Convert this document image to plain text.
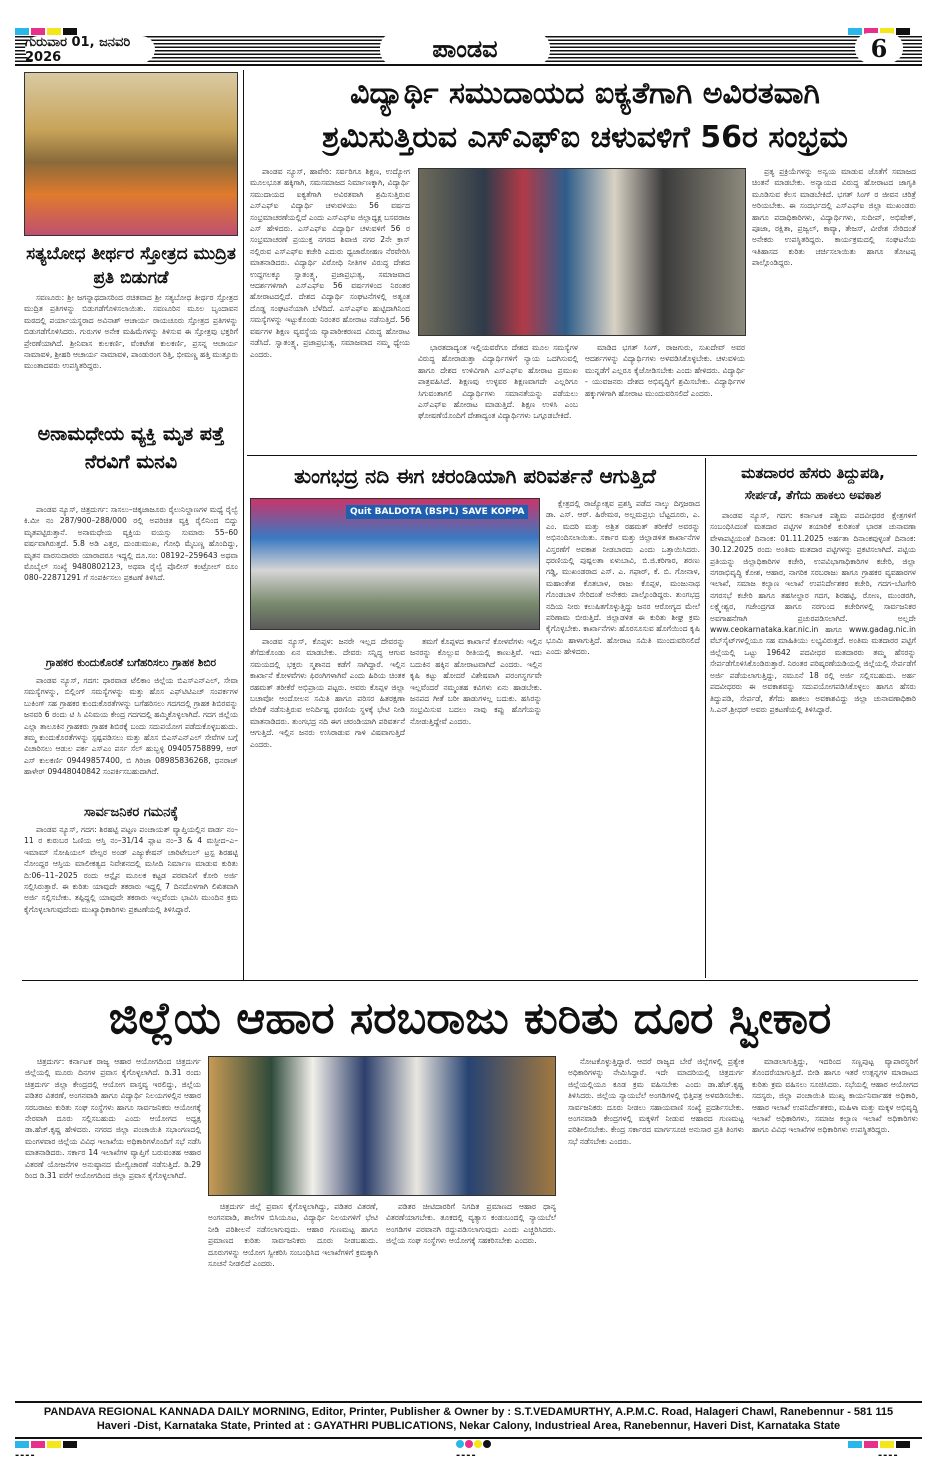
ಗುರುವಾರ 01, ಜನವರಿ 2026	ಪಾಂಡವ	6
ಸತ್ಯಬೋಧ ತೀರ್ಥರ ಸ್ತೋತ್ರದ ಮುದ್ರಿತ ಪ್ರತಿ ಬಿಡುಗಡೆ

ಸವಣೂರು: ಶ್ರೀ ಜಗನ್ನಾಥದಾಸರಿಂದ ರಚಿತವಾದ ಶ್ರೀ ಸತ್ಯಬೋಧ ತೀರ್ಥರ ಸ್ತೋತ್ರದ ಮುದ್ರಿತ ಪ್ರತಿಗಳನ್ನು ಬಿಡುಗಡೆಗೊಳಿಸಲಾಯಿತು. ಸವಣೂರಿನ ಮೂಲ ಬೃಂದಾವನ ಮಠದಲ್ಲಿ ಪರ್ಯಾಯಸ್ಥರಾದ ಅವಿನಾಶ್ ಆಚಾರ್ಯ ರಾಯಚೂರು ಸ್ತೋತ್ರದ ಪ್ರತಿಗಳನ್ನು ಬಿಡುಗಡೆಗೊಳಿಸಿದರು. ಗುರುಗಳ ಅನೇಕ ಮಹಿಮೆಗಳನ್ನು ತಿಳಿಸುವ ಈ ಸ್ತೋತ್ರವು ಭಕ್ತರಿಗೆ ಪ್ರೇರಣೆಯಾಗಿದೆ. ಶ್ರೀನಿವಾಸ ಕುಲಕರ್ಣಿ, ವೆಂಕಟೇಶ ಕುಲಕರ್ಣಿ, ಪ್ರಸನ್ನ ಆಚಾರ್ಯ ನಾಮಾವಳಿ, ಶ್ರೀಹರಿ ಆಚಾರ್ಯ ನಾಮಾವಳಿ, ಪಾಂಡುರಂಗ ರಿತ್ತಿ, ಭೀಮಣ್ಣ ಹತ್ತಿ ಮುತ್ತೂರು ಮುಂತಾದವರು ಉಪಸ್ಥಿತರಿದ್ದರು.

ಅನಾಮಧೇಯ ವ್ಯಕ್ತಿ ಮೃತ ಪತ್ತೆ ನೆರವಿಗೆ ಮನವಿ

ಪಾಂಡವ ನ್ಯೂಸ್, ಚಿತ್ರದುರ್ಗ: ಸಾಸಲು–ಚಿಕ್ಕಜಾಜೂರು ರೈಲುನಿಲ್ದಾಣಗಳ ಮಧ್ಯೆ ರೈಲ್ವೆ ಕಿ.ಮೀ ನಂ 287/900–288/000 ರಲ್ಲಿ ಅಪರಿಚಿತ ವ್ಯಕ್ತಿ ರೈಲಿನಿಂದ ಬಿದ್ದು ಮೃತಪಟ್ಟಿರುತ್ತಾನೆ. ಅನಾಮಧೇಯ ವ್ಯಕ್ತಿಯ ವಯಸ್ಸು ಸುಮಾರು 55–60 ವರ್ಷವಾಗಿರುತ್ತದೆ. 5.8 ಅಡಿ ಎತ್ತರ, ದುಂಡುಮುಖ, ಗೋಧಿ ಮೈಬಣ್ಣ ಹೊಂದಿದ್ದು, ಮೃತನ ವಾರಸುದಾರರು ಯಾರಾದರೂ ಇದ್ದಲ್ಲಿ ದೂ.ಸಂ: 08192–259643 ಅಥವಾ ಮೊಬೈಲ್ ಸಂಖ್ಯೆ 9480802123, ಅಥವಾ ರೈಲ್ವೆ ಪೊಲೀಸ್ ಕಂಟ್ರೋಲ್ ರೂಂ 080–22871291 ಗೆ ಸಂಪರ್ಕಿಸಲು ಪ್ರಕಟಣೆ ತಿಳಿಸಿದೆ.

ಗ್ರಾಹಕರ ಕುಂದುಕೊರತೆ ಬಗೆಹರಿಸಲು ಗ್ರಾಹಕ ಶಿಬಿರ

ಪಾಂಡವ ನ್ಯೂಸ್, ಗದಗ: ಧಾರವಾಡ ಟೆಲಿಕಾಂ ಜಿಲ್ಲೆಯ ಬಿಎಸ್‌ಎನ್‌ಎಲ್, ಸೇವಾ ಸಮಸ್ಯೆಗಳನ್ನು, ಬಿಲ್ಲಿಂಗ್ ಸಮಸ್ಯೆಗಳನ್ನು ಮತ್ತು ಹೊಸ ಎಫ್‌ಟಿಟಿಎಚ್ ಸಂಪರ್ಕಗಳ ಬುಕಿಂಗ್ ಸಹ ಗ್ರಾಹಕರ ಕುಂದುಕೊರತೆಗಳನ್ನು ಬಗೆಹರಿಸಲು ಗದಗದಲ್ಲಿ ಗ್ರಾಹಕ ಶಿಬಿರವನ್ನು ಜನವರಿ 6 ರಂದು ಟಿ ಸಿ ವಿನಿಮಯ ಕೇಂದ್ರ ಗದಗದಲ್ಲಿ ಹಮ್ಮಿಕೊಳ್ಳಲಾಗಿದೆ. ಗದಗ ಜಿಲ್ಲೆಯ ಎಲ್ಲಾ ತಾಲೂಕಿನ ಗ್ರಾಹಕರು ಗ್ರಾಹಕ ಶಿಬಿರಕ್ಕೆ ಬಂದು ಸದುಪಯೋಗ ಪಡೆದುಕೊಳ್ಳಬಹುದು. ತಮ್ಮ ಕುಂದುಕೊರತೆಗಳನ್ನು ಸ್ಪಷ್ಟಪಡಿಸಲು ಮತ್ತು ಹೊಸ ಬಿಎಸ್‌ಎನ್‌ಎಲ್ ಸೇವೆಗಳ ಬಗ್ಗೆ ವಿಚಾರಿಸಲು ಆಡುಲ ಪರ್ಕ ಎಸ್‌ಎಂ ಪರ್ಸ ಸೆಲ್ ಹುಬ್ಬಳ್ಳಿ 09405758899, ಆರ್ ಎಸ್ ಕುಲಕರ್ಣಿ 09449857400, ಬಿ ಗಿರಿಜಾ 08985836268, ಧನರಾಜ್ ಹಾಳೇರ್ 09448040842 ಸಂಪರ್ಕಿಸಬಹುದಾಗಿದೆ.

ಸಾರ್ವಜನಿಕರ ಗಮನಕ್ಕೆ

ಪಾಂಡವ ನ್ಯೂಸ್, ಗದಗ: ಶಿರಹಟ್ಟಿ ಪಟ್ಟಣ ಪಂಚಾಯತ್ ವ್ಯಾಪ್ತಿಯಲ್ಲಿನ ವಾರ್ಡ ನಂ–11 ರ ಕುರುಬರ ಓಣಿಯ ಆಸ್ತಿ ನಂ–31/14 ಪ್ಲಾಟ ನಂ–3 & 4 ಮಸ್ಜೀದ–ಎ–ಇಮಾಮ್ ಸೋಷಿಯಲ್ ವೇಲ್ಪರ ಅಂಡ್ ಎಜ್ಯುಕೇಷನ್ ಚಾರಿಟೇಬಲ್ ಟ್ರಸ್ಟ ಶಿರಹಟ್ಟಿ ನೋಂದ್ದರ ಆಸ್ತಿಯ ಮಾಲೀಕತ್ವದ ನಿವೇಶನದಲ್ಲಿ ಮಸೀದಿ ನಿರ್ಮಾಣ ಮಾಡುವ ಕುರಿತು ದಿ:06–11–2025 ರಂದು ಆನ್ಲೈನ ಮೂಲಕ ಕಟ್ಟಡ ಪರವಾನಿಗೆ ಕೋರಿ ಅರ್ಜಿ ಸಲ್ಲಿಸಿರುತ್ತಾರೆ. ಈ ಕುರಿತು ಯಾವುದೇ ತಕರಾರು ಇದ್ದಲ್ಲಿ 7 ದಿನದೊಳಗಾಗಿ ಲಿಖಿತವಾಗಿ ಅರ್ಜಿ ಸಲ್ಲಿಸಬೇಕು. ತಪ್ಪಿದ್ದಲ್ಲಿ ಯಾವುದೇ ತಕರಾರು ಇಲ್ಲವೆಂದು ಭಾವಿಸಿ ಮುಂದಿನ ಕ್ರಮ ಕೈಗೊಳ್ಳಲಾಗುವುದೆಂದು ಮುಖ್ಯಾಧಿಕಾರಿಗಳು ಪ್ರಕಟಣೆಯಲ್ಲಿ ತಿಳಿಸಿದ್ದಾರೆ.

ವಿದ್ಯಾರ್ಥಿ ಸಮುದಾಯದ ಐಕ್ಯತೆಗಾಗಿ ಅವಿರತವಾಗಿ
ಶ್ರಮಿಸುತ್ತಿರುವ ಎಸ್‌ಎಫ್‌ಐ ಚಳುವಳಿಗೆ 56ರ ಸಂಭ್ರಮ

ಪಾಂಡವ ನ್ಯೂಸ್, ಹಾವೇರಿ: ಸರ್ವರಿಗೂ ಶಿಕ್ಷಣ, ಉದ್ಯೋಗ ಮೂಲಭೂತ ಹಕ್ಕಿಗಾಗಿ, ಸಮಸಮಾಜದ ನಿರ್ಮಾಣಕ್ಕಾಗಿ, ವಿದ್ಯಾರ್ಥಿ ಸಮುದಾಯದ ಐಕ್ಯತೆಗಾಗಿ ಅವಿರತವಾಗಿ ಶ್ರಮಿಸುತ್ತಿರುವ ಎಸ್‌ಎಫ್‌ಐ ವಿದ್ಯಾರ್ಥಿ ಚಳುವಳಿಯು 56 ವರ್ಷದ ಸಂಭ್ರಮಾಚರಣೆಯಲ್ಲಿದೆ ಎಂದು ಎಸ್‌ಎಫ್‌ಐ ಜಿಲ್ಲಾಧ್ಯಕ್ಷ ಬಸವರಾಜ ಎಸ್ ಹೇಳಿದರು. ಎಸ್‌ಎಫ್‌ಐ ವಿದ್ಯಾರ್ಥಿ ಚಳುವಳಿಗೆ 56 ರ ಸಂಭ್ರಮಾಚರಣೆ ಪ್ರಯುಕ್ತ ನಗರದ ಶಿವಾಜಿ ನಗರ 2ನೇ ಕ್ರಾಸ್ ನಲ್ಲಿರುವ ಎಸ್‌ಎಫ್‌ಐ ಕಚೇರಿ ಎದುರು ಧ್ವಜಾರೋಹಣ ನೆರವೇರಿಸಿ ಮಾತನಾಡಿದರು. ವಿದ್ಯಾರ್ಥಿ ವಿರೋಧಿ ನೀತಿಗಳ ವಿರುದ್ಧ ದೇಶದ ಉದ್ದಗಲಕ್ಕೂ ಸ್ವಾತಂತ್ರ್ಯ, ಪ್ರಜಾಪ್ರಭುತ್ವ, ಸಮಾಜವಾದ ಆದರ್ಶಗಳಿಗಾಗಿ ಎಸ್‌ಎಫ್‌ಐ 56 ವರ್ಷಗಳಿಂದ ನಿರಂತರ ಹೋರಾಟದಲ್ಲಿದೆ. ದೇಶದ ವಿದ್ಯಾರ್ಥಿ ಸಂಘಟನೆಗಳಲ್ಲಿ ಅತ್ಯಂತ ದೊಡ್ಡ ಸಂಘಟನೆಯಾಗಿ ಬೆಳೆದಿದೆ. ಎಸ್‌ಎಫ್‌ಐ ಹುಟ್ಟಿದಾಗಿನಿಂದ ಸಮಸ್ಯೆಗಳನ್ನು ಇಟ್ಟುಕೊಂಡು ನಿರಂತರ ಹೋರಾಟ ನಡೆಸುತ್ತಿದೆ. 56 ವರ್ಷಗಳ ಶಿಕ್ಷಣ ವ್ಯವಸ್ಥೆಯ ವ್ಯಾಪಾರೀಕರಣದ ವಿರುದ್ಧ ಹೋರಾಟ ನಡೆಸಿದೆ. ಸ್ವಾತಂತ್ರ್ಯ, ಪ್ರಜಾಪ್ರಭುತ್ವ, ಸಮಾಜವಾದ ನಮ್ಮ ಧ್ಯೇಯ ಎಂದರು.

ಭಾರತದಾದ್ಯಂತ ಇಲ್ಲಿಯವರೆಗೂ ದೇಶದ ಮೂಲ ಸಮಸ್ಯೆಗಳ ವಿರುದ್ಧ ಹೋರಾಡುತ್ತಾ ವಿದ್ಯಾರ್ಥಿಗಳಿಗೆ ನ್ಯಾಯ ಒದಗಿಸುವಲ್ಲಿ ಹಾಗೂ ದೇಶದ ಉಳಿವಿಗಾಗಿ ಎಸ್‌ಎಫ್‌ಐ ಹೋರಾಟ ಪ್ರಮುಖ ಪಾತ್ರವಹಿಸಿದೆ. ಶಿಕ್ಷಣವು ಉಳ್ಳವರ ಶಿಕ್ಷಣವಾಗದೇ ಎಲ್ಲರಿಗೂ ಸಿಗುವಂತಾಗಲಿ ವಿದ್ಯಾರ್ಥಿಗಳು ಸಮಾನತೆಯನ್ನು ಪಡೆಯಲು ಎಸ್‌ಎಫ್‌ಐ ಹೋರಾಟ ಮಾಡುತ್ತಿದೆ. ಶಿಕ್ಷಣ ಉಳಿಸಿ ಎಂಬ ಘೋಷಣೆಯೊಂದಿಗೆ ದೇಶಾದ್ಯಂತ ವಿದ್ಯಾರ್ಥಿಗಳು ಒಗ್ಗೂಡಬೇಕಿದೆ.

ಮಾಡಿದ ಭಗತ್ ಸಿಂಗ್, ರಾಜಗುರು, ಸುಖದೇವ್ ಅವರ ಆದರ್ಶಗಳನ್ನು ವಿದ್ಯಾರ್ಥಿಗಳು ಅಳವಡಿಸಿಕೊಳ್ಳಬೇಕು. ಚಳುವಳಿಯ ಮುನ್ನಡೆಗೆ ಎಲ್ಲರೂ ಕೈಜೋಡಿಸಬೇಕು ಎಂದು ಹೇಳಿದರು. ವಿದ್ಯಾರ್ಥಿ - ಯುವಜನರು ದೇಶದ ಅಭಿವೃದ್ಧಿಗೆ ಶ್ರಮಿಸಬೇಕು. ವಿದ್ಯಾರ್ಥಿಗಳ ಹಕ್ಕುಗಳಿಗಾಗಿ ಹೋರಾಟ ಮುಂದುವರಿಸಲಿದೆ ಎಂದರು.

ಪ್ರತ್ಯ ಪ್ರಕ್ರಿಯೆಗಳನ್ನು ಅನ್ವಯ ಮಾಡುವ ಜೊತೆಗೆ ಸಮಾಜದ ಚಿಂತನೆ ಮಾಡಬೇಕು. ಅನ್ಯಾಯದ ವಿರುದ್ಧ ಹೋರಾಟದ ಜಾಗೃತಿ ಮೂಡಿಸುವ ಕೆಲಸ ಮಾಡಬೇಕಿದೆ. ಭಗತ್ ಸಿಂಗ್ ರ ಜೀವನ ಚರಿತ್ರೆ ಅರಿಯಬೇಕು. ಈ ಸಂದರ್ಭದಲ್ಲಿ ಎಸ್‌ಎಫ್‌ಐ ಜಿಲ್ಲಾ ಮುಖಂಡರು ಹಾಗೂ ಪದಾಧಿಕಾರಿಗಳು, ವಿದ್ಯಾರ್ಥಿಗಳು, ಸುದೀಪ್, ಅಭಿಷೇಕ್, ಪೂಜಾ, ರಕ್ಷಿತಾ, ಪ್ರಜ್ವಲ್, ಕಾವ್ಯಾ, ತೇಜಸ್, ವೀರೇಶ ಸೇರಿದಂತೆ ಅನೇಕರು ಉಪಸ್ಥಿತರಿದ್ದರು. ಕಾರ್ಯಕ್ರಮದಲ್ಲಿ ಸಂಘಟನೆಯ ಇತಿಹಾಸದ ಕುರಿತು ಚರ್ಚಿಸಲಾಯಿತು ಹಾಗೂ ತೋಟಪ್ಪ ಪಾಲ್ಗೊಂಡಿದ್ದರು.

ತುಂಗಭದ್ರ ನದಿ ಈಗ ಚರಂಡಿಯಾಗಿ ಪರಿವರ್ತನೆ ಆಗುತ್ತಿದೆ
Quit BALDOTA (BSPL) SAVE KOPPA

ಕ್ಷೇತ್ರದಲ್ಲಿ ರಾಜ್ಯೋತ್ಸವ ಪ್ರಶಸ್ತಿ ಪಡೆದ ನಾಲ್ಕು ದಿಗ್ಗಜರಾದ ಡಾ. ಎಸ್. ಆರ್. ಹಿರೇಮಠ, ಅಲ್ಲಮಪ್ರಭು ಬೆಟ್ಟದೂರು, ಎ. ಎಂ. ಮದರಿ ಮತ್ತು ಅಶ್ರಿತ ರಹಮತ್ ತರೀಕೆರೆ ಅವರನ್ನು ಅಭಿನಂದಿಸಲಾಯಿತು. ಸರ್ಕಾರ ಮತ್ತು ಜಿಲ್ಲಾಡಳಿತ ಕಾರ್ಖಾನೆಗಳ ವಿಸ್ತರಣೆಗೆ ಅವಕಾಶ ನೀಡಬಾರದು ಎಂದು ಒತ್ತಾಯಿಸಿದರು. ಧರಣಿಯಲ್ಲಿ ಪುಷ್ಪಲತಾ ಏಳುಬಾವಿ, ಬಿ.ಜಿ.ಕರಿಗಾರ, ಶರಣು ಗಡ್ಡಿ, ಮುಖಂಡರಾದ ಎಸ್. ಎ. ಗಫಾರ್, ಕೆ. ಬಿ. ಗೋನಾಳ, ಮಹಾಂತೇಶ ಕೊತಬಾಳ, ರಾಜು ಕೊಪ್ಪಳ, ಮಂಜುನಾಥ ಗೊಂಡಬಾಳ ಸೇರಿದಂತೆ ಅನೇಕರು ಪಾಲ್ಗೊಂಡಿದ್ದರು. ತುಂಗಭದ್ರ ನದಿಯ ನೀರು ಕಲುಷಿತಗೊಳ್ಳುತ್ತಿದ್ದು ಜನರ ಆರೋಗ್ಯದ ಮೇಲೆ ಪರಿಣಾಮ ಬೀರುತ್ತಿದೆ. ಜಿಲ್ಲಾಡಳಿತ ಈ ಕುರಿತು ಶೀಘ್ರ ಕ್ರಮ ಕೈಗೊಳ್ಳಬೇಕು. ಕಾರ್ಖಾನೆಗಳು ಹೊರಸೂಸುವ ಹೊಗೆಯಿಂದ ಕೃಷಿ ಭೂಮಿ ಹಾಳಾಗುತ್ತಿದೆ. ಹೋರಾಟ ಸಮಿತಿ ಮುಂದುವರಿಸಲಿದೆ ಎಂದು ಹೇಳಿದರು.

ಪಾಂಡವ ನ್ಯೂಸ್, ಕೊಪ್ಪಳ: ಜನರೇ ಇಲ್ಲದ ದೇವರನ್ನು ತೆಗೆದುಕೊಂಡು ಏನ ಮಾಡಬೇಕು. ದೇವರು ಸನ್ನಿದ್ಧ ಆಗುವ ಸಮಯದಲ್ಲಿ ಭಕ್ತರು ಸ್ಮಶಾನದ ಕಡೆಗೆ ಸಾಗಿದ್ದಾರೆ. ಇಲ್ಲಿನ ಕಾರ್ಖಾನೆ ಕೋಳವೆಗಳು ಫಿರಂಗಿಗಳಾಗಿವೆ ಎಂದು ಹಿರಿಯ ಚಿಂತಕ ರಹಮತ್ ತರೀಕೆರೆ ಅಭಿಪ್ರಾಯ ಪಟ್ಟರು. ಅವರು ಕೊಪ್ಪಳ ಜಿಲ್ಲಾ ಬಚಾವೋ ಆಂದೋಲನ ಸಮಿತಿ ಹಾಗೂ ಪರಿಸರ ಹಿತರಕ್ಷಣಾ ವೇದಿಕೆ ನಡೆಸುತ್ತಿರುವ ಅನಿರ್ದಿಷ್ಟ ಧರಣಿಯ ಸ್ಥಳಕ್ಕೆ ಭೇಟಿ ನೀಡಿ ಮಾತನಾಡಿದರು. ತುಂಗಭದ್ರ ನದಿ ಈಗ ಚರಂಡಿಯಾಗಿ ಪರಿವರ್ತನೆ ಆಗುತ್ತಿದೆ. ಇಲ್ಲಿನ ಜನರು ಉಸಿರಾಡುವ ಗಾಳಿ ವಿಷವಾಗುತ್ತಿದೆ ಎಂದರು.

ತಮಗೆ ಕೊಪ್ಪಳದ ಕಾರ್ಖಾನೆ ಕೋಳವೆಗಳು ಇಲ್ಲಿನ ಜನರನ್ನು ಕೊಲ್ಲುವ ರೀತಿಯಲ್ಲಿ ಕಾಣುತ್ತಿವೆ. ಇದು ಬದುಕಿನ ಹಕ್ಕಿನ ಹೋರಾಟವಾಗಿದೆ ಎಂದರು. ಇಲ್ಲಿನ ಕೃಷಿ ಕಟ್ಟು ಹೋದರೆ ವಿಶೇಷವಾಗಿ ಪರಂಗಸ್ಥರ್ಗವೇ ಇಲ್ಲವೆಂದರೆ ನಮ್ಮಂತಹ ಕವಿಗಳು ಏನು ಹಾಡಬೇಕು. ಜನಪದ ಗೀತೆ ಬರೀ ಹಾಡುಗಳಲ್ಲ ಬದುಕು. ಹಸಿರನ್ನು ಸಂಭ್ರಮಿಸುವ ಬದಲು ನಾವು ಕಪ್ಪು ಹೊಗೆಯನ್ನು ನೋಡುತ್ತಿದ್ದೇವೆ ಎಂದರು.

ಮತದಾರರ ಹೆಸರು ತಿದ್ದುಪಡಿ,
ಸೇರ್ಪಡೆ, ತೆಗೆದು ಹಾಕಲು ಅವಕಾಶ

ಪಾಂಡವ ನ್ಯೂಸ್, ಗದಗ: ಕರ್ನಾಟಕ ಪಶ್ಚಿಮ ಪದವೀಧರರ ಕ್ಷೇತ್ರಗಳಿಗೆ ಸಂಬಂಧಿಸಿದಂತೆ ಮತದಾರ ಪಟ್ಟಿಗಳ ತಯಾರಿಕೆ ಕುರಿತಂತೆ ಭಾರತ ಚುನಾವಣಾ ವೇಳಾಪಟ್ಟಿಯಂತೆ ದಿನಾಂಕ: 01.11.2025 ಅರ್ಹತಾ ದಿನಾಂಕವುಳ್ಳಂತೆ ದಿನಾಂಕ: 30.12.2025 ರಂದು ಅಂತಿಮ ಮತದಾರ ಪಟ್ಟಿಗಳನ್ನು ಪ್ರಕಟಿಸಲಾಗಿದೆ. ಪಟ್ಟಿಯ ಪ್ರತಿಯನ್ನು ಜಿಲ್ಲಾಧಿಕಾರಿಗಳ ಕಚೇರಿ, ಉಪವಿಭಾಗಾಧಿಕಾರಿಗಳ ಕಚೇರಿ, ಜಿಲ್ಲಾ ನಗರಾಭಿವೃದ್ಧಿ ಕೋಶ, ಆಹಾರ, ನಾಗರಿಕ ಸರಬರಾಜು ಹಾಗೂ ಗ್ರಾಹಕರ ವ್ಯವಹಾರಗಳ ಇಲಾಖೆ, ಸಮಾಜ ಕಲ್ಯಾಣ ಇಲಾಖೆ ಉಪನಿರ್ದೇಶಕರ ಕಚೇರಿ, ಗದಗ–ಬೆಟಗೇರಿ ನಗರಸಭೆ ಕಚೇರಿ ಹಾಗೂ ತಹಸೀಲ್ದಾರ ಗದಗ, ಶಿರಹಟ್ಟಿ, ರೋಣ, ಮುಂಡರಗಿ, ಲಕ್ಷ್ಮೇಶ್ವರ, ಗಜೇಂದ್ರಗಡ ಹಾಗೂ ನರಗುಂದ ಕಚೇರಿಗಳಲ್ಲಿ ಸಾರ್ವಜನಿಕರ ಅವಗಾಹನೆಗಾಗಿ ಪ್ರಚುರಪಡಿಸಲಾಗಿದೆ. ಅಲ್ಲದೇ www.ceokarnataka.kar.nic.in ಹಾಗೂ www.gadag.nic.in ವೆಬ್‌ಸೈಟ್‌ಗಳಲ್ಲಿಯೂ ಸಹ ಮಾಹಿತಿಯು ಲಭ್ಯವಿರುತ್ತದೆ. ಅಂತಿಮ ಮತದಾರರ ಪಟ್ಟಿಗೆ ಜಿಲ್ಲೆಯಲ್ಲಿ ಒಟ್ಟು 19642 ಪದವೀಧರ ಮತದಾರರು ತಮ್ಮ ಹೆಸರನ್ನು ಸೇರ್ಪಡೆಗೊಳಿಸಿಕೊಂಡಿರುತ್ತಾರೆ. ನಿರಂತರ ಪರಿಷ್ಕರಣೆಯಡಿಯಲ್ಲಿ ಜಿಲ್ಲೆಯಲ್ಲಿ ಸೇರ್ಪಡೆಗೆ ಅರ್ಜಿ ಪಡೆಯಲಾಗುತ್ತಿದ್ದು, ನಮೂನೆ 18 ರಲ್ಲಿ ಅರ್ಜಿ ಸಲ್ಲಿಸಬಹುದು. ಅರ್ಹ ಪದವೀಧರರು ಈ ಅವಕಾಶವನ್ನು ಸದುಪಯೋಗಪಡಿಸಿಕೊಳ್ಳಲು ಹಾಗೂ ಹೆಸರು ತಿದ್ದುಪಡಿ, ಸೇರ್ಪಡೆ, ತೆಗೆದು ಹಾಕಲು ಅವಕಾಶವಿದ್ದು ಜಿಲ್ಲಾ ಚುನಾವಣಾಧಿಕಾರಿ ಸಿ.ಎನ್.ಶ್ರೀಧರ್ ಅವರು ಪ್ರಕಟಣೆಯಲ್ಲಿ ತಿಳಿಸಿದ್ದಾರೆ.

ಜಿಲ್ಲೆಯ ಆಹಾರ ಸರಬರಾಜು ಕುರಿತು ದೂರ ಸ್ವೀಕಾರ

ಚಿತ್ರದುರ್ಗ: ಕರ್ನಾಟಕ ರಾಜ್ಯ ಆಹಾರ ಆಯೋಗದಿಂದ ಚಿತ್ರದುರ್ಗ ಜಿಲ್ಲೆಯಲ್ಲಿ ಮೂರು ದಿನಗಳ ಪ್ರವಾಸ ಕೈಗೊಳ್ಳಲಾಗಿದೆ. ಡಿ.31 ರಂದು ಚಿತ್ರದುರ್ಗ ಜಿಲ್ಲಾ ಕೇಂದ್ರದಲ್ಲಿ ಆಯೋಗ ವಾಸ್ತವ್ಯ ಇರಲಿದ್ದು, ಜಿಲ್ಲೆಯ ಪಡಿತರ ವಿತರಣೆ, ಅಂಗನವಾಡಿ ಹಾಗೂ ವಿದ್ಯಾರ್ಥಿ ನಿಲಯಗಳಲ್ಲಿನ ಆಹಾರ ಸರಬರಾಜು ಕುರಿತು ಸಂಘ ಸಂಸ್ಥೆಗಳು ಹಾಗೂ ಸಾರ್ವಜನಿಕರು ಆಯೋಗಕ್ಕೆ ನೇರವಾಗಿ ದೂರು ಸಲ್ಲಿಸಬಹುದು ಎಂದು ಆಯೋಗದ ಅಧ್ಯಕ್ಷ ಡಾ.ಹೆಚ್.ಕೃಷ್ಣ ಹೇಳಿದರು. ನಗರದ ಜಿಲ್ಲಾ ಪಂಚಾಯಿತಿ ಸಭಾಂಗಣದಲ್ಲಿ ಮಂಗಳವಾರ ಜಿಲ್ಲೆಯ ವಿವಿಧ ಇಲಾಖೆಯ ಅಧಿಕಾರಿಗಳೊಂದಿಗೆ ಸಭೆ ನಡೆಸಿ ಮಾತನಾಡಿದರು. ಸರ್ಕಾರ 14 ಇಲಾಖೆಗಳ ವ್ಯಾಪ್ತಿಗೆ ಬರುವಂತಹ ಆಹಾರ ವಿತರಣೆ ಯೋಜನೆಗಳ ಅನುಷ್ಠಾನದ ಮೇಲ್ವಿಚಾರಣೆ ನಡೆಸುತ್ತಿದೆ. ಡಿ.29 ರಿಂದ ಡಿ.31 ವರೆಗೆ ಆಯೋಗದಿಂದ ಜಿಲ್ಲಾ ಪ್ರವಾಸ ಕೈಗೊಳ್ಳಲಾಗಿದೆ.

ಚಿತ್ರದುರ್ಗ ಜಿಲ್ಲೆ ಪ್ರವಾಸ ಕೈಗೊಳ್ಳಲಾಗಿದ್ದು, ಪಡಿತರ ವಿತರಣೆ, ಅಂಗನವಾಡಿ, ಶಾಲೆಗಳ ಬಿಸಿಯೂಟ, ವಿದ್ಯಾರ್ಥಿ ನಿಲಯಗಳಿಗೆ ಭೇಟಿ ನೀಡಿ ಪರಿಶೀಲನೆ ನಡೆಸಲಾಗುವುದು. ಆಹಾರ ಗುಣಮಟ್ಟ ಹಾಗೂ ಪ್ರಮಾಣದ ಕುರಿತು ಸಾರ್ವಜನಿಕರು ದೂರು ನೀಡಬಹುದು. ದೂರುಗಳನ್ನು ಆಯೋಗ ಸ್ವೀಕರಿಸಿ ಸಂಬಂಧಿಸಿದ ಇಲಾಖೆಗಳಿಗೆ ಕ್ರಮಕ್ಕಾಗಿ ಸೂಚನೆ ನೀಡಲಿದೆ ಎಂದರು.

ಪಡಿತರ ಚೀಟಿದಾರರಿಗೆ ನಿಗದಿತ ಪ್ರಮಾಣದ ಆಹಾರ ಧಾನ್ಯ ವಿತರಣೆಯಾಗಬೇಕು. ತೂಕದಲ್ಲಿ ವ್ಯತ್ಯಾಸ ಕಂಡುಬಂದಲ್ಲಿ ನ್ಯಾಯಬೆಲೆ ಅಂಗಡಿಗಳ ಪರವಾನಗಿ ರದ್ದುಪಡಿಸಲಾಗುವುದು ಎಂದು ಎಚ್ಚರಿಸಿದರು. ಜಿಲ್ಲೆಯ ಸಂಘ ಸಂಸ್ಥೆಗಳು ಆಯೋಗಕ್ಕೆ ಸಹಕರಿಸಬೇಕು ಎಂದರು.

ನೋಟಕೊಳ್ಳುತ್ತಿದ್ದಾರೆ. ಆದರೆ ರಾಜ್ಯದ ಬೇರೆ ಜಿಲ್ಲೆಗಳಲ್ಲಿ ಪ್ರತ್ಯೇಕ ಅಧಿಕಾರಿಗಳನ್ನು ನೇಮಿಸಿದ್ದಾರೆ. ಇದೇ ಮಾದರಿಯಲ್ಲಿ ಚಿತ್ರದುರ್ಗ ಜಿಲ್ಲೆಯಲ್ಲಿಯೂ ಕೂಡ ಕ್ರಮ ವಹಿಸಬೇಕು ಎಂದು ಡಾ.ಹೆಚ್.ಕೃಷ್ಣ ತಿಳಿಸಿದರು. ಜಿಲ್ಲೆಯ ನ್ಯಾಯಬೆಲೆ ಅಂಗಡಿಗಳಲ್ಲಿ ಭಿತ್ತಿಪತ್ರ ಅಳವಡಿಸಬೇಕು. ಸಾರ್ವಜನಿಕರು ದೂರು ನೀಡಲು ಸಹಾಯವಾಣಿ ಸಂಖ್ಯೆ ಪ್ರದರ್ಶಿಸಬೇಕು. ಅಂಗನವಾಡಿ ಕೇಂದ್ರಗಳಲ್ಲಿ ಮಕ್ಕಳಿಗೆ ನೀಡುವ ಆಹಾರದ ಗುಣಮಟ್ಟ ಪರಿಶೀಲಿಸಬೇಕು. ಕೇಂದ್ರ ಸರ್ಕಾರದ ಮಾರ್ಗಸೂಚಿ ಅನುಸಾರ ಪ್ರತಿ ತಿಂಗಳು ಸಭೆ ನಡೆಸಬೇಕು ಎಂದರು.

ಮಾಡಲಾಗುತ್ತಿದ್ದು, ಇದರಿಂದ ಸಣ್ಣಪುಟ್ಟ ವ್ಯಾಪಾರಸ್ಥರಿಗೆ ತೊಂದರೆಯಾಗುತ್ತಿದೆ. ಬೀಡಿ ಹಾಗೂ ಇತರೆ ಉತ್ಪನ್ನಗಳ ಮಾರಾಟದ ಕುರಿತು ಕ್ರಮ ವಹಿಸಲು ಸೂಚಿಸಿದರು. ಸಭೆಯಲ್ಲಿ ಆಹಾರ ಆಯೋಗದ ಸದಸ್ಯರು, ಜಿಲ್ಲಾ ಪಂಚಾಯಿತಿ ಮುಖ್ಯ ಕಾರ್ಯನಿರ್ವಾಹಕ ಅಧಿಕಾರಿ, ಆಹಾರ ಇಲಾಖೆ ಉಪನಿರ್ದೇಶಕರು, ಮಹಿಳಾ ಮತ್ತು ಮಕ್ಕಳ ಅಭಿವೃದ್ಧಿ ಇಲಾಖೆ ಅಧಿಕಾರಿಗಳು, ಸಮಾಜ ಕಲ್ಯಾಣ ಇಲಾಖೆ ಅಧಿಕಾರಿಗಳು ಹಾಗೂ ವಿವಿಧ ಇಲಾಖೆಗಳ ಅಧಿಕಾರಿಗಳು ಉಪಸ್ಥಿತರಿದ್ದರು.

PANDAVA REGIONAL KANNADA DAILY MORNING, Editor, Printer, Publisher & Owner by : S.T.VEDAMURTHY, A.P.M.C. Road, Halageri Chawl, Ranebennur - 581 115
Haveri -Dist, Karnataka State, Printed at : GAYATHRI PUBLICATIONS, Nekar Calony, Industrieal Area, Ranebennur, Haveri Dist, Karnataka State
----	----	----
